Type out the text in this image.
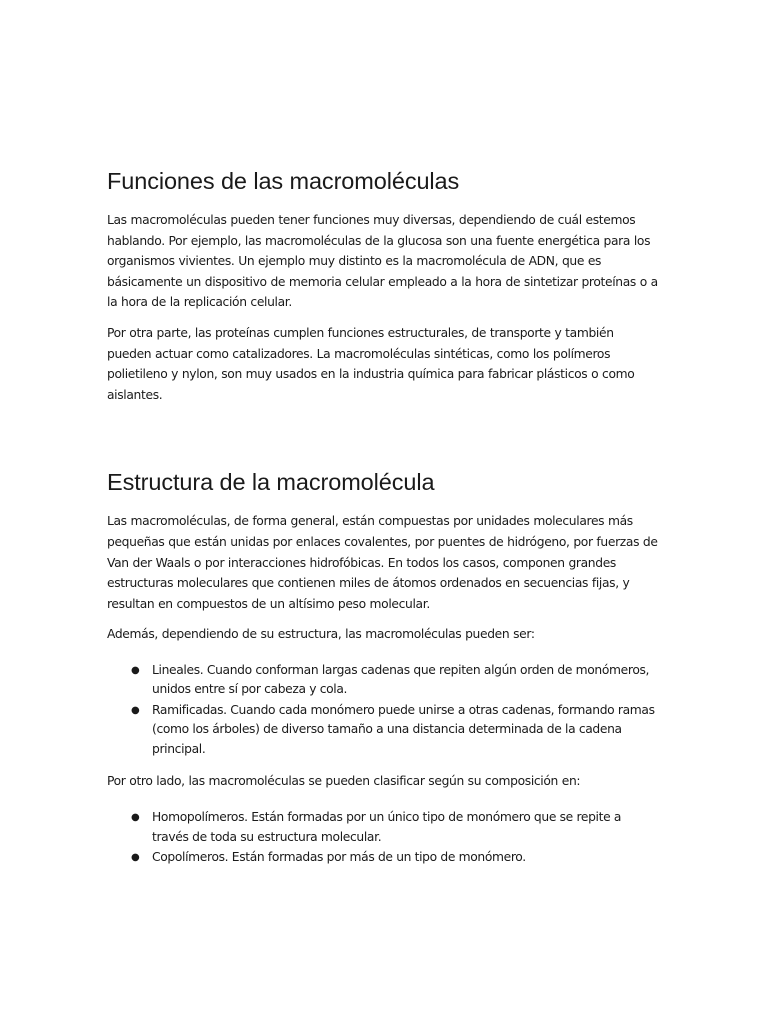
Funciones de las macromoléculas

Las macromoléculas pueden tener funciones muy diversas, dependiendo de cuál estemos hablando. Por ejemplo, las macromoléculas de la glucosa son una fuente energética para los organismos vivientes. Un ejemplo muy distinto es la macromolécula de ADN, que es básicamente un dispositivo de memoria celular empleado a la hora de sintetizar proteínas o a la hora de la replicación celular.

Por otra parte, las proteínas cumplen funciones estructurales, de transporte y también pueden actuar como catalizadores. La macromoléculas sintéticas, como los polímeros polietileno y nylon, son muy usados en la industria química para fabricar plásticos o como aislantes.

Estructura de la macromolécula

Las macromoléculas, de forma general, están compuestas por unidades moleculares más pequeñas que están unidas por enlaces covalentes, por puentes de hidrógeno, por fuerzas de Van der Waals o por interacciones hidrofóbicas. En todos los casos, componen grandes estructuras moleculares que contienen miles de átomos ordenados en secuencias fijas, y resultan en compuestos de un altísimo peso molecular.

Además, dependiendo de su estructura, las macromoléculas pueden ser:

● Lineales. Cuando conforman largas cadenas que repiten algún orden de monómeros, unidos entre sí por cabeza y cola.
● Ramificadas. Cuando cada monómero puede unirse a otras cadenas, formando ramas (como los árboles) de diverso tamaño a una distancia determinada de la cadena principal.

Por otro lado, las macromoléculas se pueden clasificar según su composición en:

● Homopolímeros. Están formadas por un único tipo de monómero que se repite a través de toda su estructura molecular.
● Copolímeros. Están formadas por más de un tipo de monómero.
